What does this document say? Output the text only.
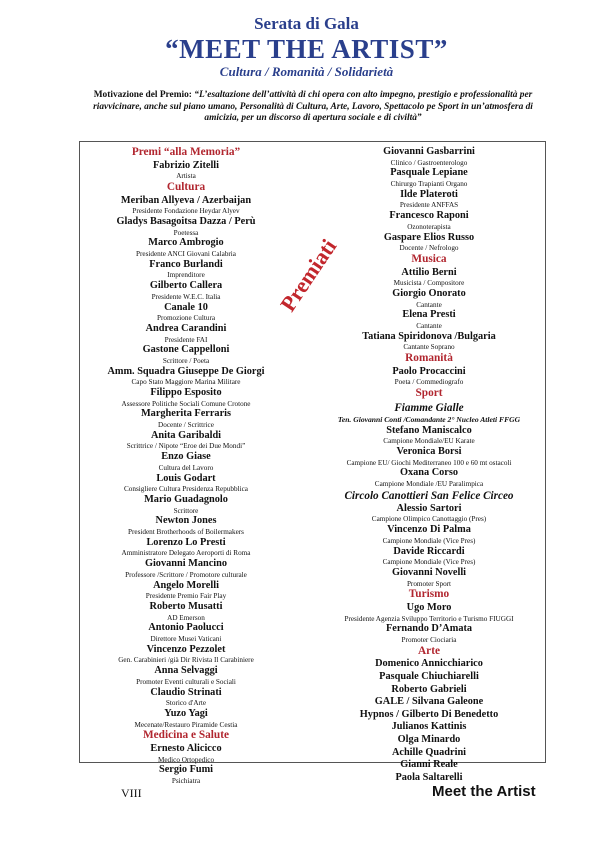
Serata di Gala
“MEET THE ARTIST”
Cultura / Romanità / Solidarietà
Motivazione del Premio: “L’esaltazione dell’attività di chi opera con alto impegno, prestigio e professionalità per riavvicinare, anche sul piano umano, Personalità di Cultura, Arte, Lavoro, Spettacolo pe Sport in un’atmosfera di amicizia, per un discorso di apertura sociale e di civiltà”
Premi “alla Memoria”
Fabrizio Zitelli
Artista
Cultura
Meriban Allyeva / Azerbaijan
Presidente Fondazione Heydar Alyev
Gladys Basagoitsa Dazza / Perù
Poetessa
Marco Ambrogio
Presidente ANCI Giovani Calabria
Franco Burlandi
Imprenditore
Gilberto Callera
Presidente W.E.C. Italia
Canale 10
Promozione Cultura
Andrea Carandini
Presidente FAI
Gastone Cappelloni
Scrittore / Poeta
Amm. Squadra Giuseppe De Giorgi
Capo Stato Maggiore Marina Militare
Filippo Esposito
Assessore Politiche Sociali Comune Crotone
Margherita Ferraris
Docente / Scrittrice
Anita Garibaldi
Scrittrice / Nipote “Eroe dei Due Mondi”
Enzo Giase
Cultura del Lavoro
Louis Godart
Consigliere Cultura Presidenza Repubblica
Mario Guadagnolo
Scrittore
Newton Jones
President Brotherhoods of Boilermakers
Lorenzo Lo Presti
Amministratore Delegato Aeroporti di Roma
Giovanni Mancino
Professore /Scrittore / Promotore culturale
Angelo Morelli
Presidente Premio Fair Play
Roberto Musatti
AD Emerson
Antonio Paolucci
Direttore Musei Vaticani
Vincenzo Pezzolet
Gen. Carabinieri /già Dir Rivista Il Carabiniere
Anna Selvaggi
Promoter Eventi culturali e Sociali
Claudio Strinati
Storico d'Arte
Yuzo Yagi
Mecenate/Restauro Piramide Cestia
Medicina e Salute
Ernesto Alicicco
Medico Ortopedico
Sergio Fumi
Psichiatra
Giovanni Gasbarrini
Clinico / Gastroenterologo
Pasquale Lepiane
Chirurgo Trapianti Organo
Ilde Plateroti
Presidente ANFFAS
Francesco Raponi
Ozonoterapista
Gaspare Elios Russo
Docente / Nefrologo
Musica
Attilio Berni
Musicista / Compositore
Giorgio Onorato
Cantante
Elena Presti
Cantante
Tatiana Spiridonova /Bulgaria
Cantante Soprano
Romanità
Paolo Procaccini
Poeta / Commediografo
Sport
Fiamme Gialle
Ten. Giovanni Conti /Comandante 2° Nucleo Atleti FFGG
Stefano Maniscalco
Campione Mondiale/EU Karate
Veronica Borsi
Campione EU/ Giochi Mediterraneo 100 e 60 mt ostacoli
Oxana Corso
Campione Mondiale /EU Paralimpica
Circolo Canottieri San Felice Circeo
Alessio Sartori
Campione Olimpico Canottaggio (Pres)
Vincenzo Di Palma
Campione Mondiale (Vice Pres)
Davide Riccardi
Campione Mondiale (Vice Pres)
Giovanni Novelli
Promoter Sport
Turismo
Ugo Moro
Presidente Agenzia Sviluppo Territorio e Turismo FIUGGI
Fernando D’Amata
Promoter Ciociaria
Arte
Domenico Annicchiarico
Pasquale Chiuchiarelli
Roberto Gabrieli
GALE / Silvana Galeone
Hypnos / Gilberto Di Benedetto
Julianos Kattinis
Olga Minardo
Achille Quadrini
Gianni Reale
Paola Saltarelli
Premiati
VIII	Meet the Artist
